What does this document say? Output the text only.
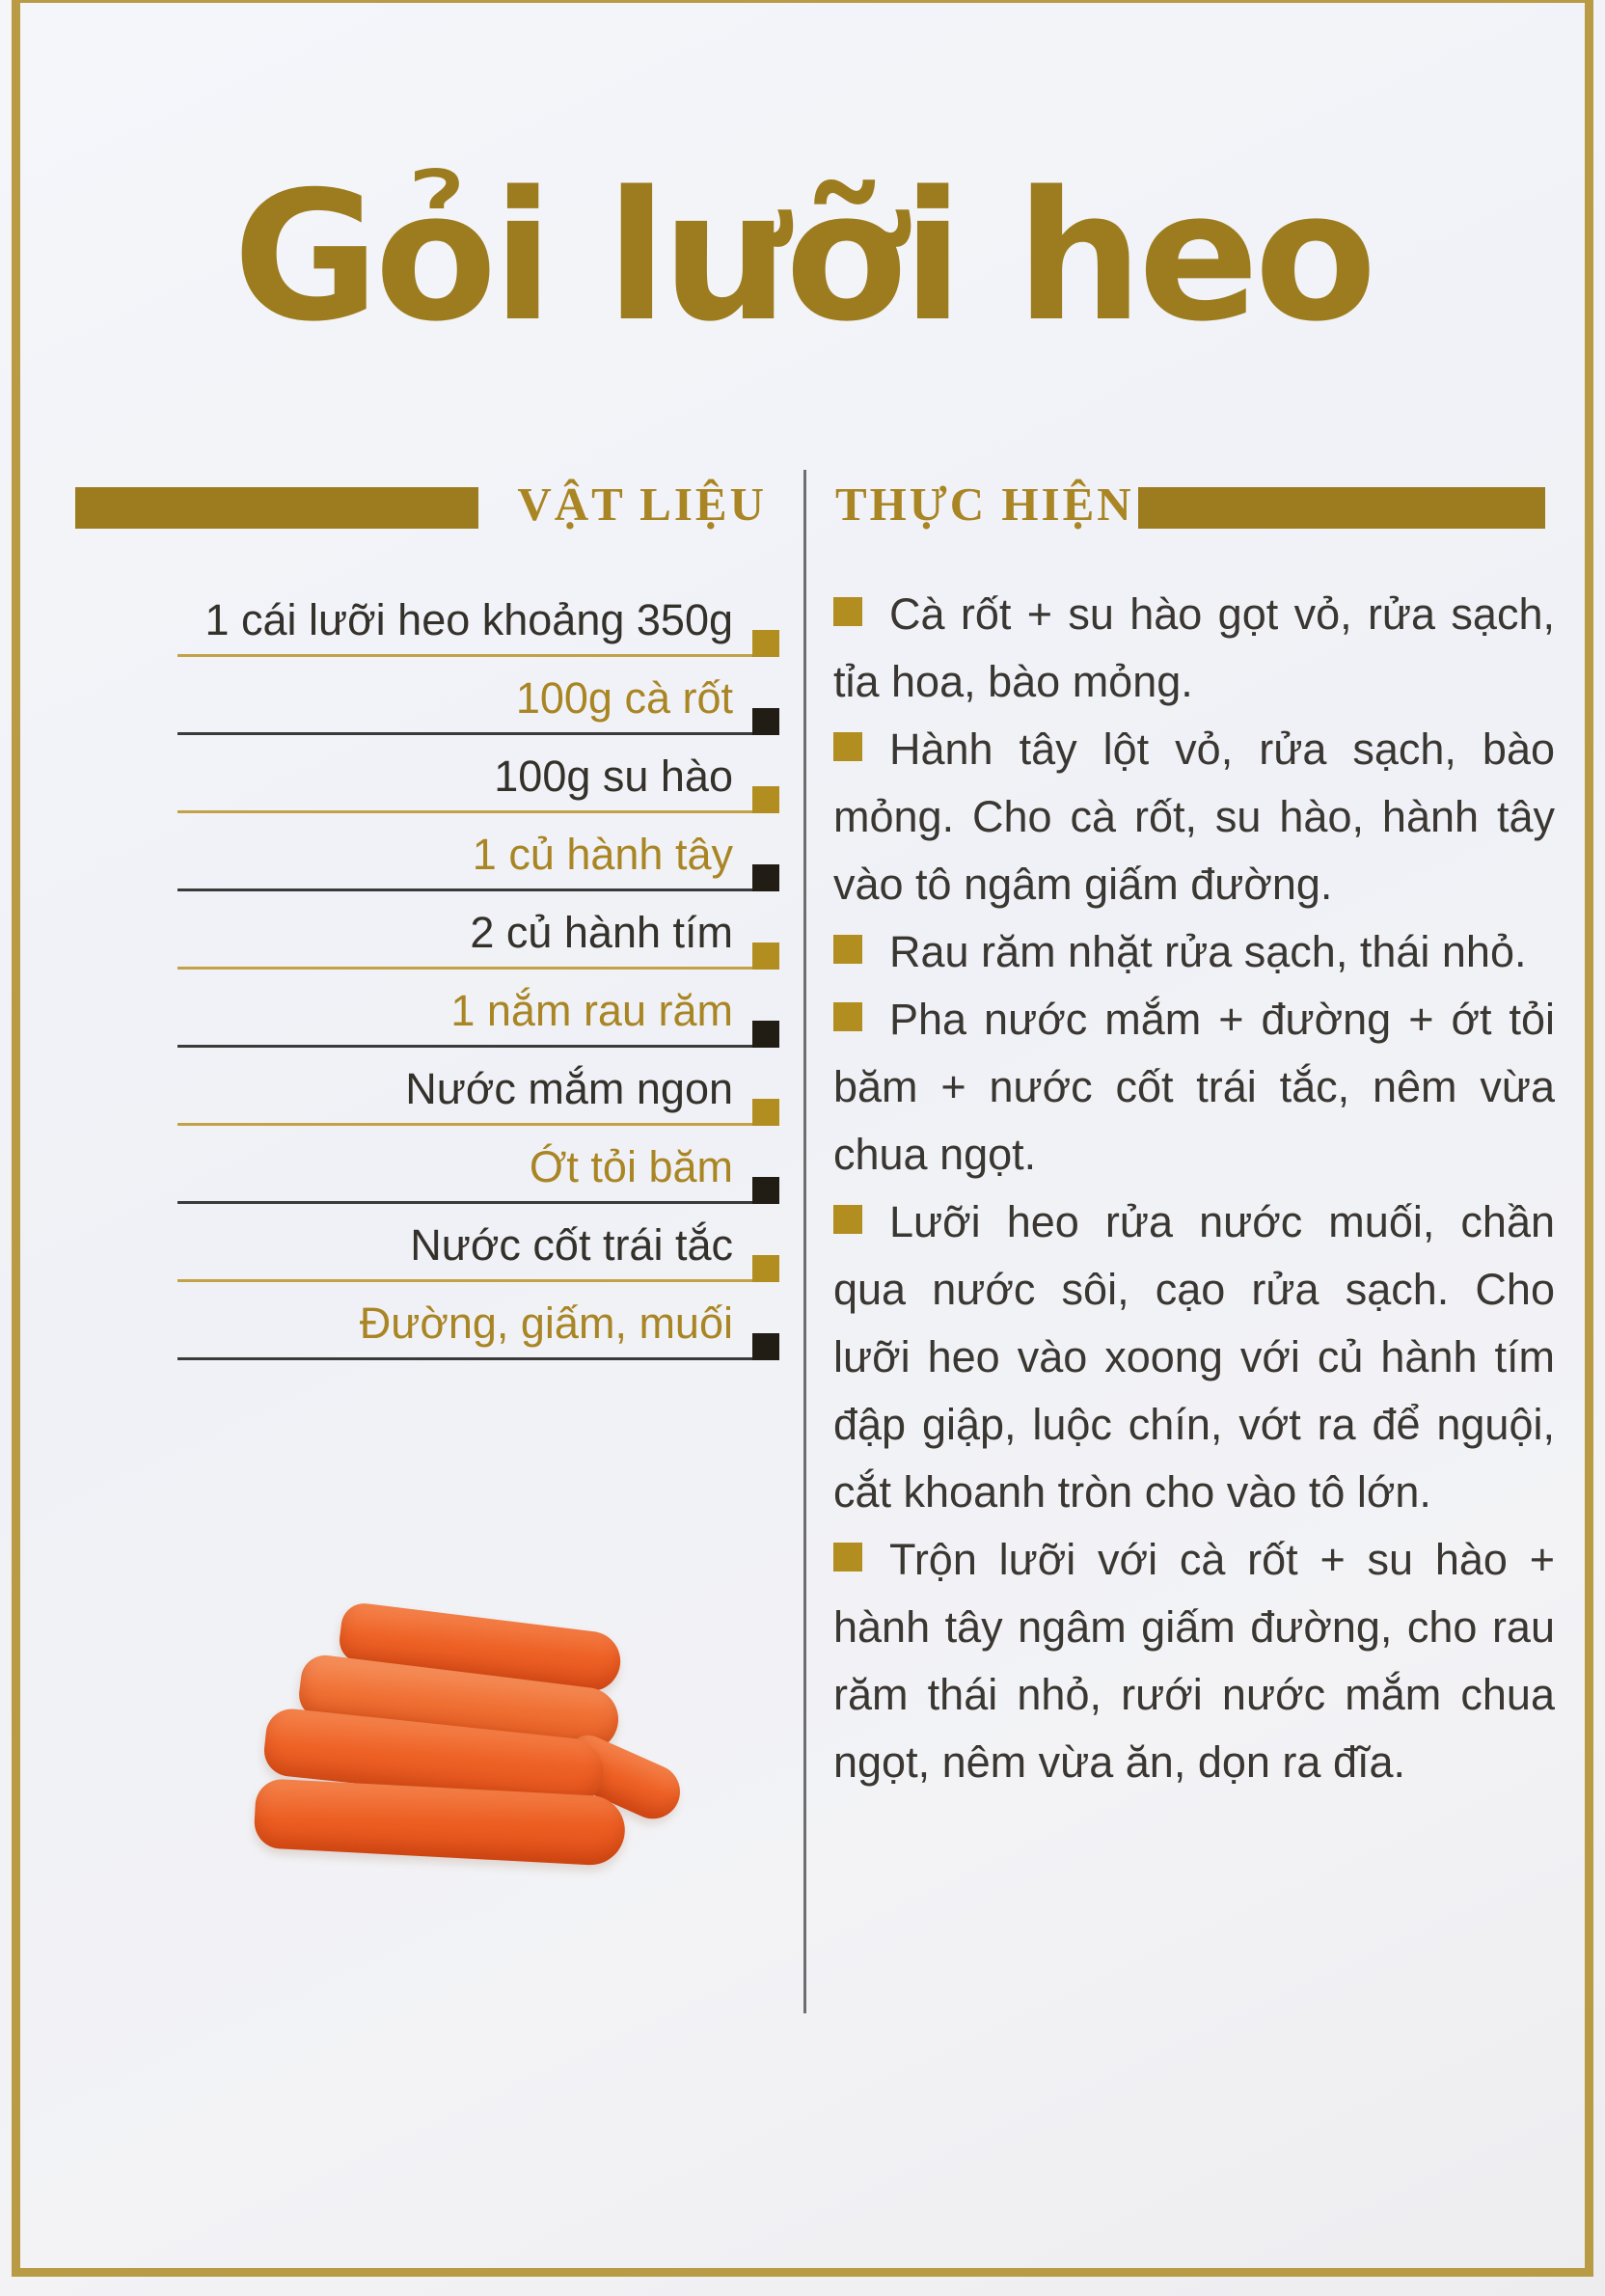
Gỏi lưỡi heo
VẬT LIỆU THỰC HIỆN
1 cái lưỡi heo khoảng 350g
100g cà rốt
100g su hào
1 củ hành tây
2 củ hành tím
1 nắm rau răm
Nước mắm ngon
Ớt tỏi băm
Nước cốt trái tắc
Đường, giấm, muối

Cà rốt + su hào gọt vỏ, rửa sạch, tỉa hoa, bào mỏng.

Hành tây lột vỏ, rửa sạch, bào mỏng. Cho cà rốt, su hào, hành tây vào tô ngâm giấm đường.

Rau răm nhặt rửa sạch, thái nhỏ.

Pha nước mắm + đường + ớt tỏi băm + nước cốt trái tắc, nêm vừa chua ngọt.

Lưỡi heo rửa nước muối, chần qua nước sôi, cạo rửa sạch. Cho lưỡi heo vào xoong với củ hành tím đập giập, luộc chín, vớt ra để nguội, cắt khoanh tròn cho vào tô lớn.

Trộn lưỡi với cà rốt + su hào + hành tây ngâm giấm đường, cho rau răm thái nhỏ, rưới nước mắm chua ngọt, nêm vừa ăn, dọn ra đĩa.
